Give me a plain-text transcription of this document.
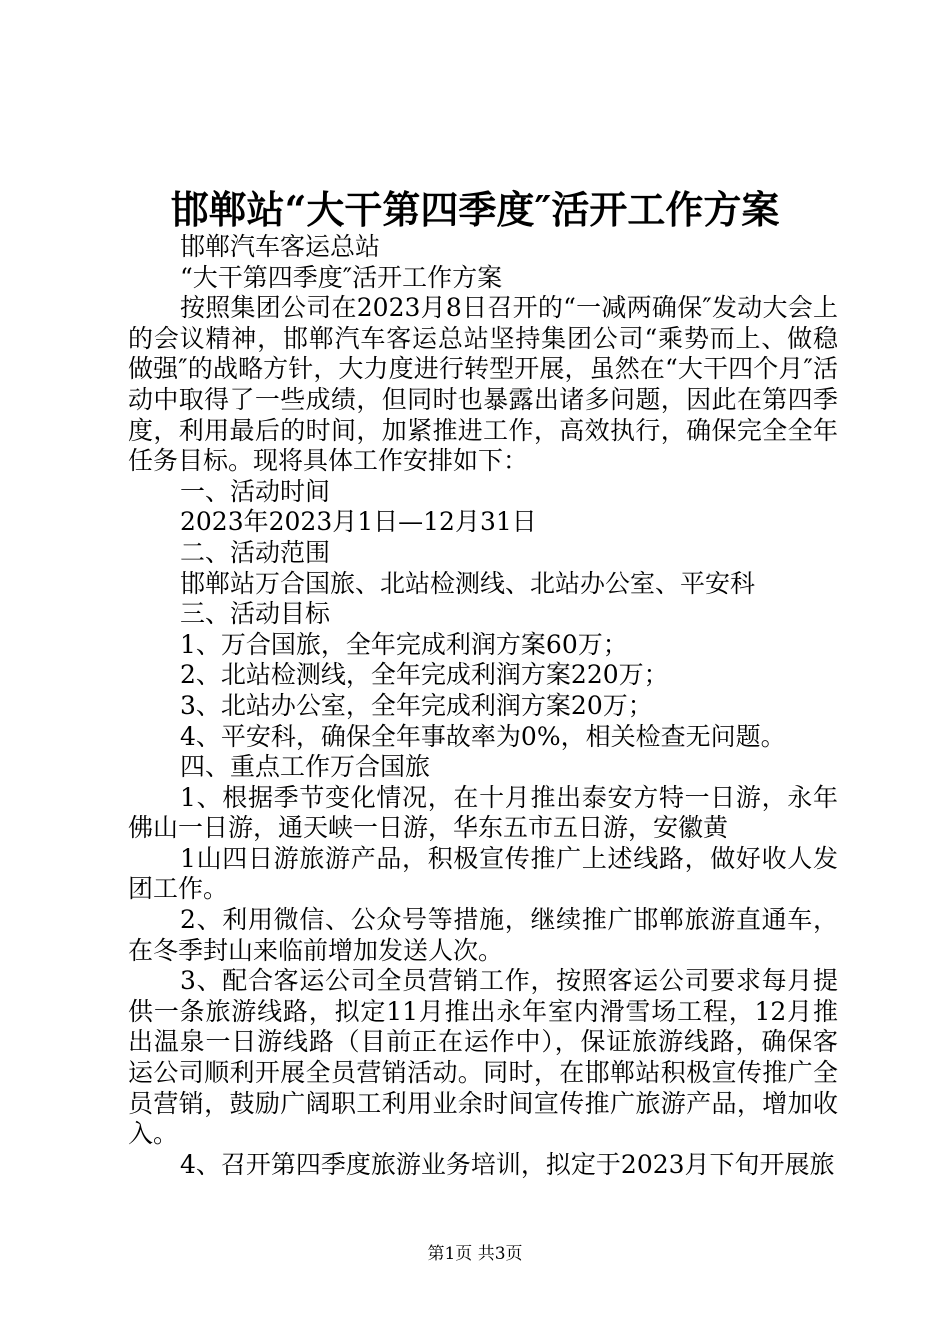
邯郸站“大干第四季度″活开工作方案

邯郸汽车客运总站

“大干第四季度″活开工作方案

按照集团公司在2023月8日召开的“一减两确保″发动大会上的会议精神，邯郸汽车客运总站坚持集团公司“乘势而上、做稳做强″的战略方针，大力度进行转型开展，虽然在“大干四个月″活动中取得了一些成绩，但同时也暴露出诸多问题，因此在第四季度，利用最后的时间，加紧推进工作，高效执行，确保完全全年任务目标。现将具体工作安排如下：

一、活动时间

2023年2023月1日—12月31日

二、活动范围

邯郸站万合国旅、北站检测线、北站办公室、平安科

三、活动目标

1、万合国旅，全年完成利润方案60万；

2、北站检测线，全年完成利润方案220万；

3、北站办公室，全年完成利润方案20万；

4、平安科，确保全年事故率为0%，相关检查无问题。

四、重点工作万合国旅

1、根据季节变化情况，在十月推出泰安方特一日游，永年佛山一日游，通天峡一日游，华东五市五日游，安徽黄

1山四日游旅游产品，积极宣传推广上述线路，做好收人发团工作。

2、利用微信、公众号等措施，继续推广邯郸旅游直通车，在冬季封山来临前增加发送人次。

3、配合客运公司全员营销工作，按照客运公司要求每月提供一条旅游线路，拟定11月推出永年室内滑雪场工程，12月推出温泉一日游线路（目前正在运作中），保证旅游线路，确保客运公司顺利开展全员营销活动。同时，在邯郸站积极宣传推广全员营销，鼓励广阔职工利用业余时间宣传推广旅游产品，增加收入。

4、召开第四季度旅游业务培训，拟定于2023月下旬开展旅

第1页 共3页
